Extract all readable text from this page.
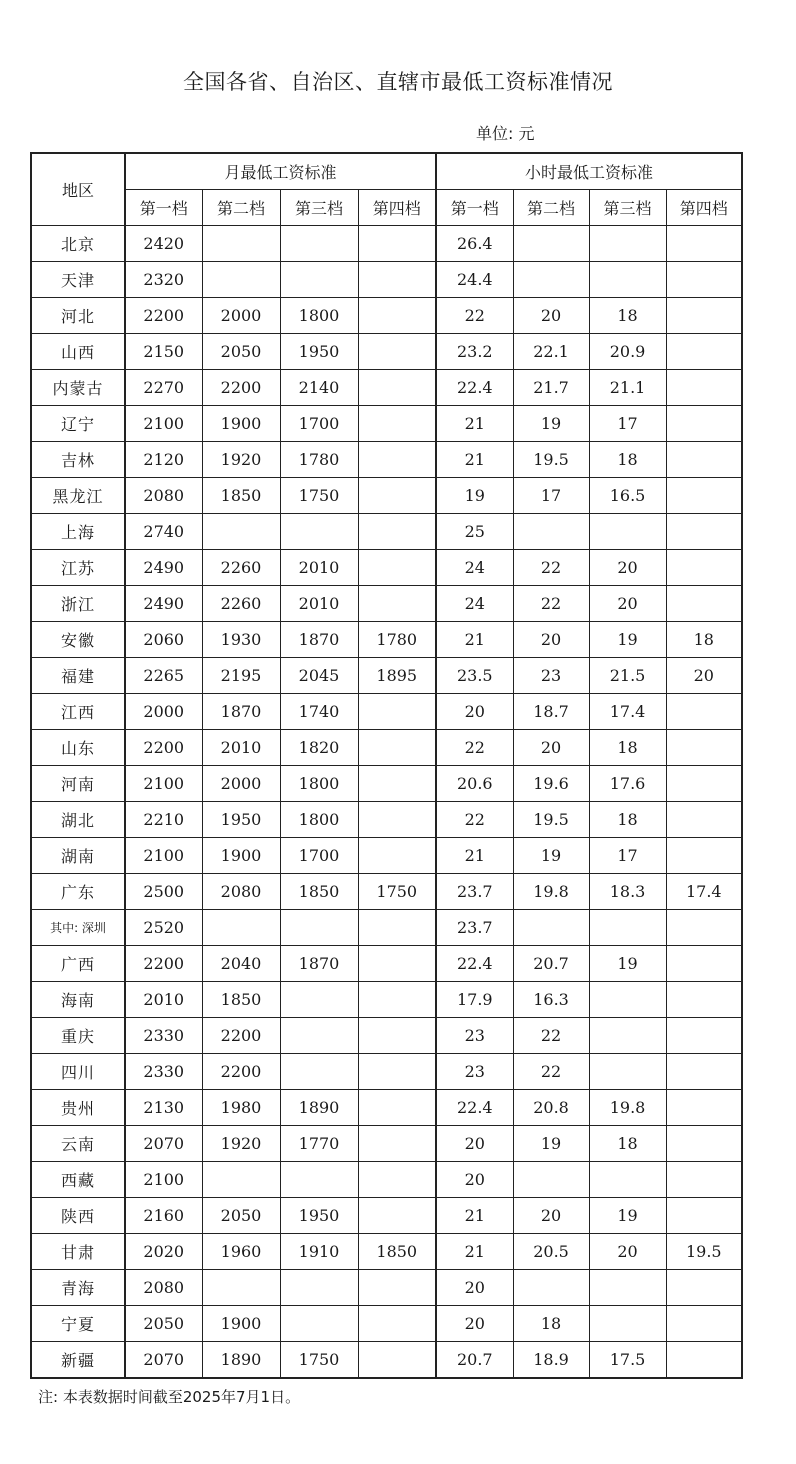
全国各省、自治区、直辖市最低工资标准情况
单位: 元
地区	月最低工资标准				小时最低工资标准			
	第一档	第二档	第三档	第四档	第一档	第二档	第三档	第四档
北京	2420				26.4			
天津	2320				24.4			
河北	2200	2000	1800		22	20	18	
山西	2150	2050	1950		23.2	22.1	20.9	
内蒙古	2270	2200	2140		22.4	21.7	21.1	
辽宁	2100	1900	1700		21	19	17	
吉林	2120	1920	1780		21	19.5	18	
黑龙江	2080	1850	1750		19	17	16.5	
上海	2740				25			
江苏	2490	2260	2010		24	22	20	
浙江	2490	2260	2010		24	22	20	
安徽	2060	1930	1870	1780	21	20	19	18
福建	2265	2195	2045	1895	23.5	23	21.5	20
江西	2000	1870	1740		20	18.7	17.4	
山东	2200	2010	1820		22	20	18	
河南	2100	2000	1800		20.6	19.6	17.6	
湖北	2210	1950	1800		22	19.5	18	
湖南	2100	1900	1700		21	19	17	
广东	2500	2080	1850	1750	23.7	19.8	18.3	17.4
其中: 深圳	2520				23.7			
广西	2200	2040	1870		22.4	20.7	19	
海南	2010	1850			17.9	16.3		
重庆	2330	2200			23	22		
四川	2330	2200			23	22		
贵州	2130	1980	1890		22.4	20.8	19.8	
云南	2070	1920	1770		20	19	18	
西藏	2100				20			
陕西	2160	2050	1950		21	20	19	
甘肃	2020	1960	1910	1850	21	20.5	20	19.5
青海	2080				20			
宁夏	2050	1900			20	18		
新疆	2070	1890	1750		20.7	18.9	17.5	
注: 本表数据时间截至2025年7月1日。
